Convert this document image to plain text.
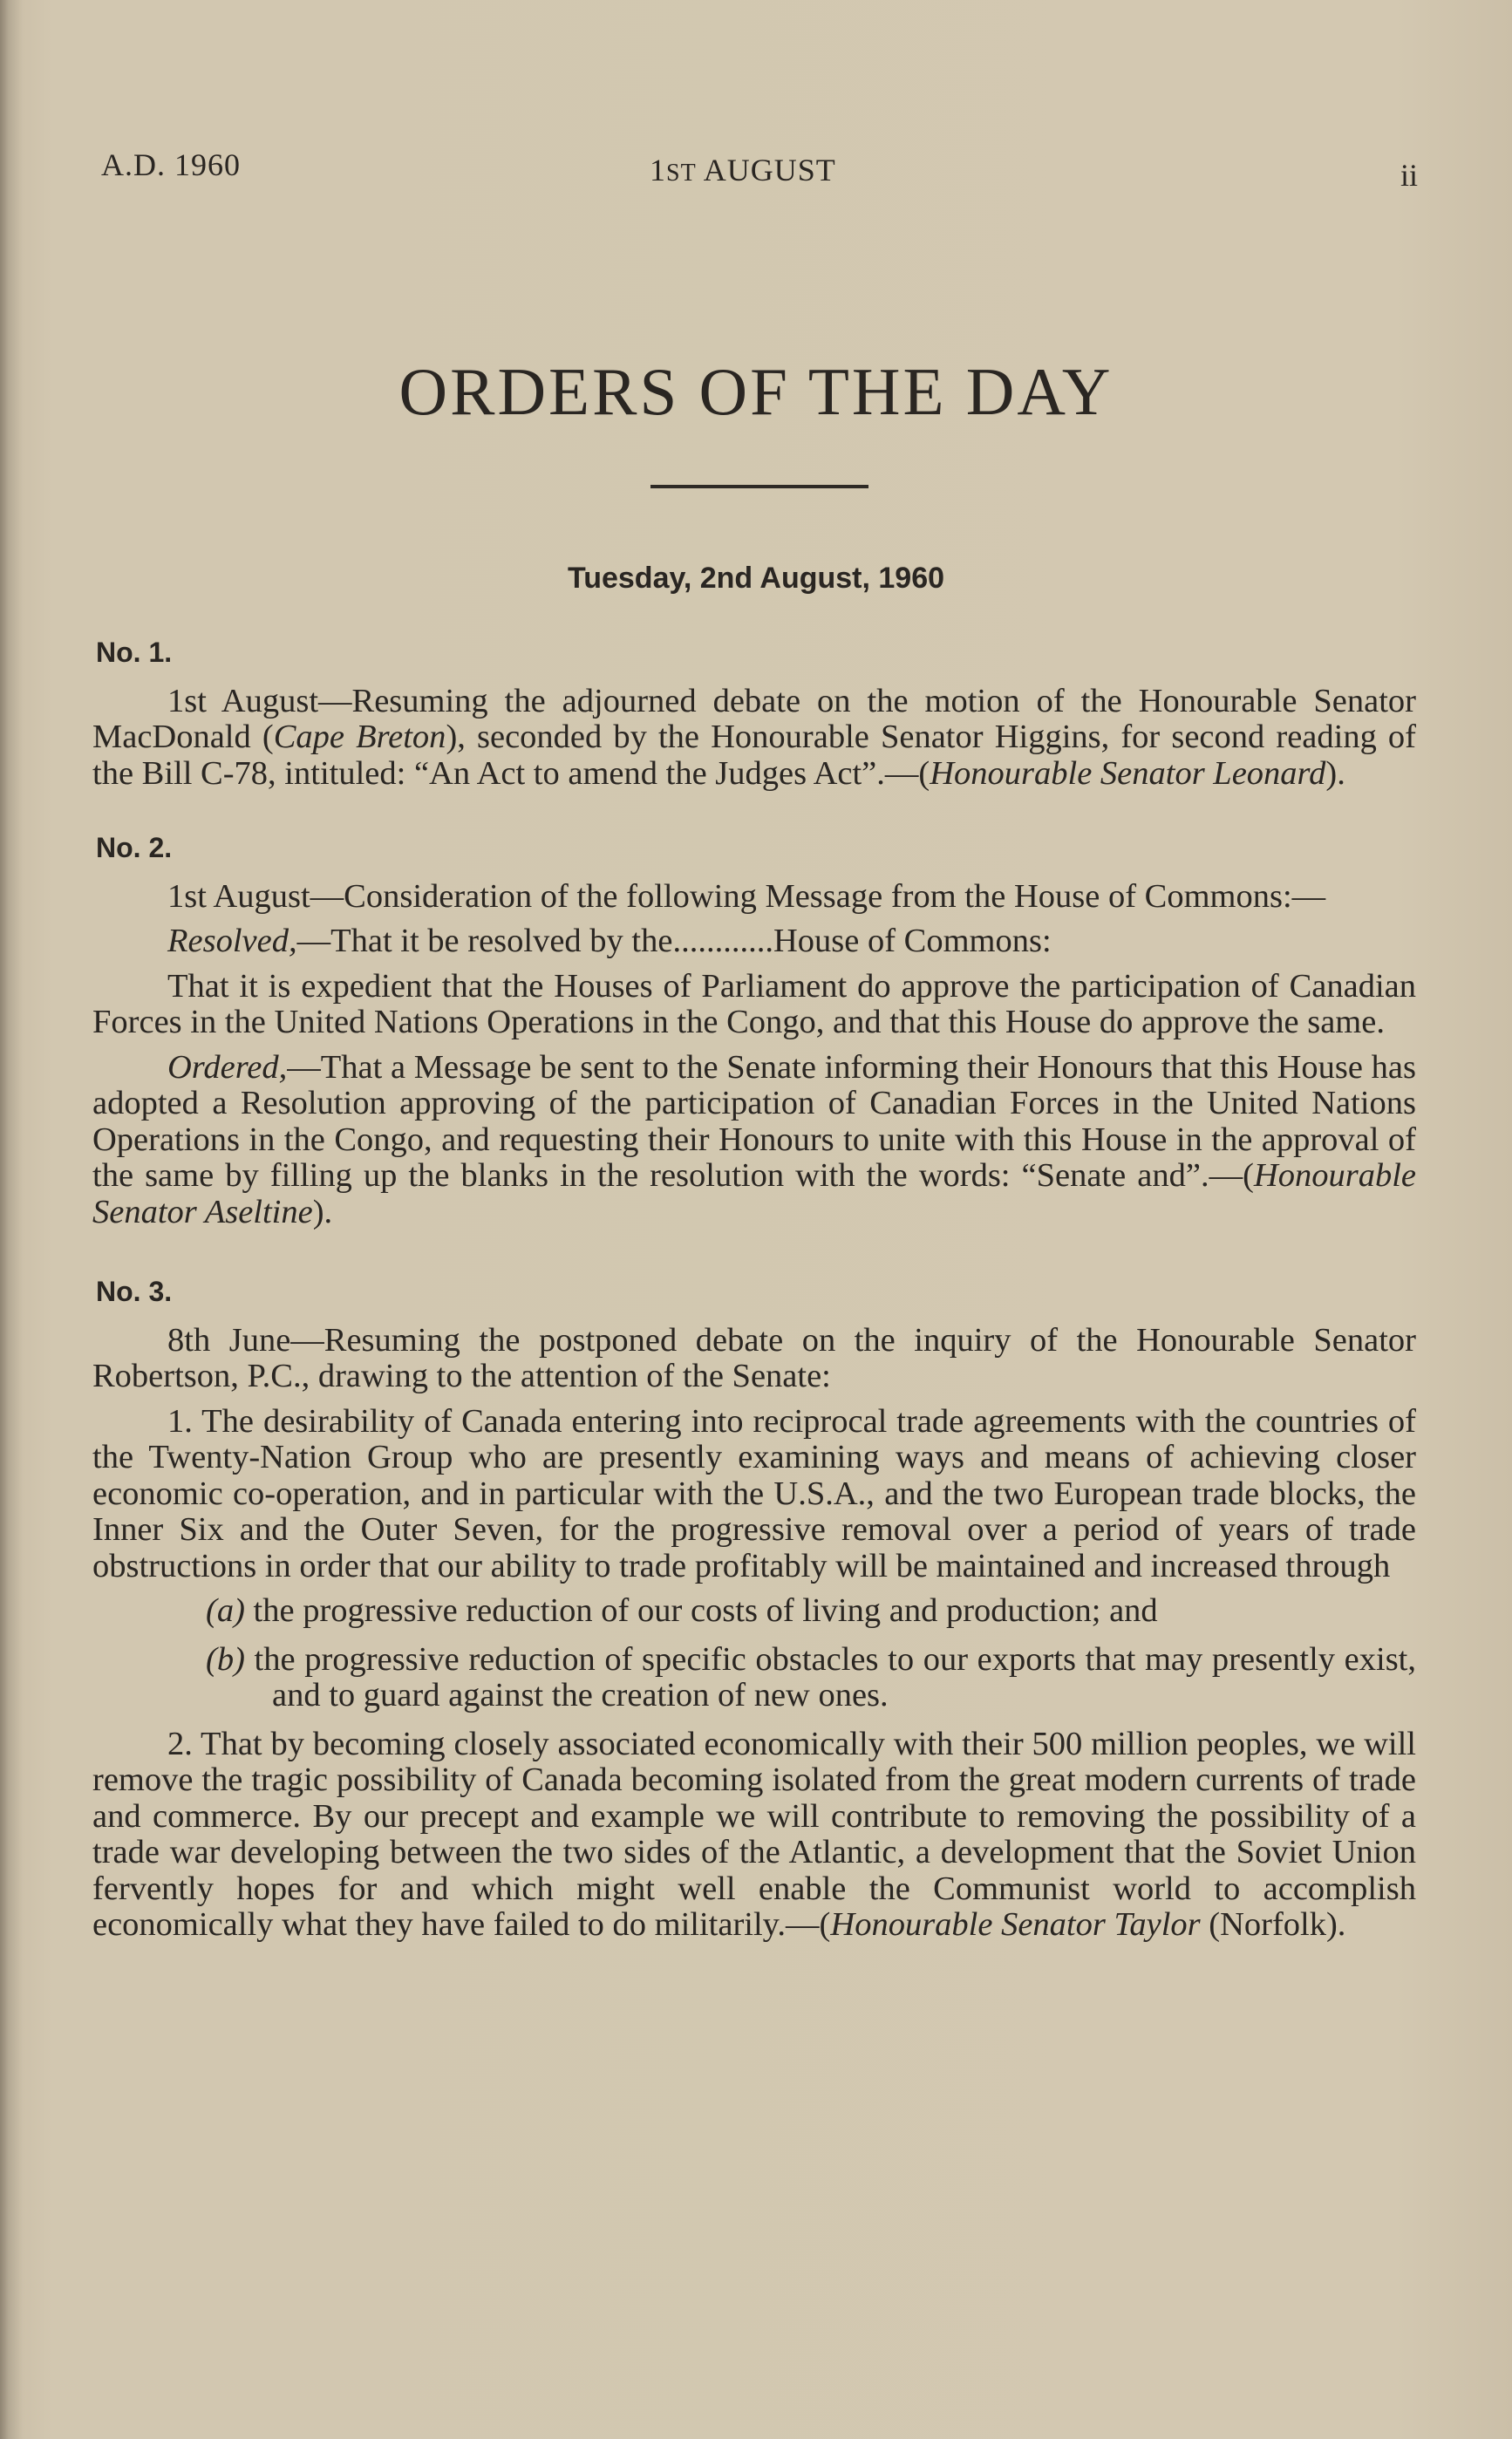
A.D. 1960	1ST AUGUST	ii
ORDERS OF THE DAY
Tuesday, 2nd August, 1960
No. 1.

1st August—Resuming the adjourned debate on the motion of the Honourable Senator MacDonald (Cape Breton), seconded by the Honourable Senator Higgins, for second reading of the Bill C-78, intituled: “An Act to amend the Judges Act”.—(Honourable Senator Leonard).

No. 2.

1st August—Consideration of the following Message from the House of Commons:—

Resolved,—That it be resolved by the............House of Commons:

That it is expedient that the Houses of Parliament do approve the participation of Canadian Forces in the United Nations Operations in the Congo, and that this House do approve the same.

Ordered,—That a Message be sent to the Senate informing their Honours that this House has adopted a Resolution approving of the participation of Canadian Forces in the United Nations Operations in the Congo, and requesting their Honours to unite with this House in the approval of the same by filling up the blanks in the resolution with the words: “Senate and”.—(Honourable Senator Aseltine).

No. 3.

8th June—Resuming the postponed debate on the inquiry of the Honourable Senator Robertson, P.C., drawing to the attention of the Senate:

1. The desirability of Canada entering into reciprocal trade agreements with the countries of the Twenty-Nation Group who are presently examining ways and means of achieving closer economic co-operation, and in particular with the U.S.A., and the two European trade blocks, the Inner Six and the Outer Seven, for the progressive removal over a period of years of trade obstructions in order that our ability to trade profitably will be maintained and increased through

(a) the progressive reduction of our costs of living and production; and

(b) the progressive reduction of specific obstacles to our exports that may presently exist, and to guard against the creation of new ones.

2. That by becoming closely associated economically with their 500 million peoples, we will remove the tragic possibility of Canada becoming isolated from the great modern currents of trade and commerce. By our precept and example we will contribute to removing the possibility of a trade war developing between the two sides of the Atlantic, a development that the Soviet Union fervently hopes for and which might well enable the Communist world to accomplish economically what they have failed to do militarily.—(Honourable Senator Taylor (Norfolk).
